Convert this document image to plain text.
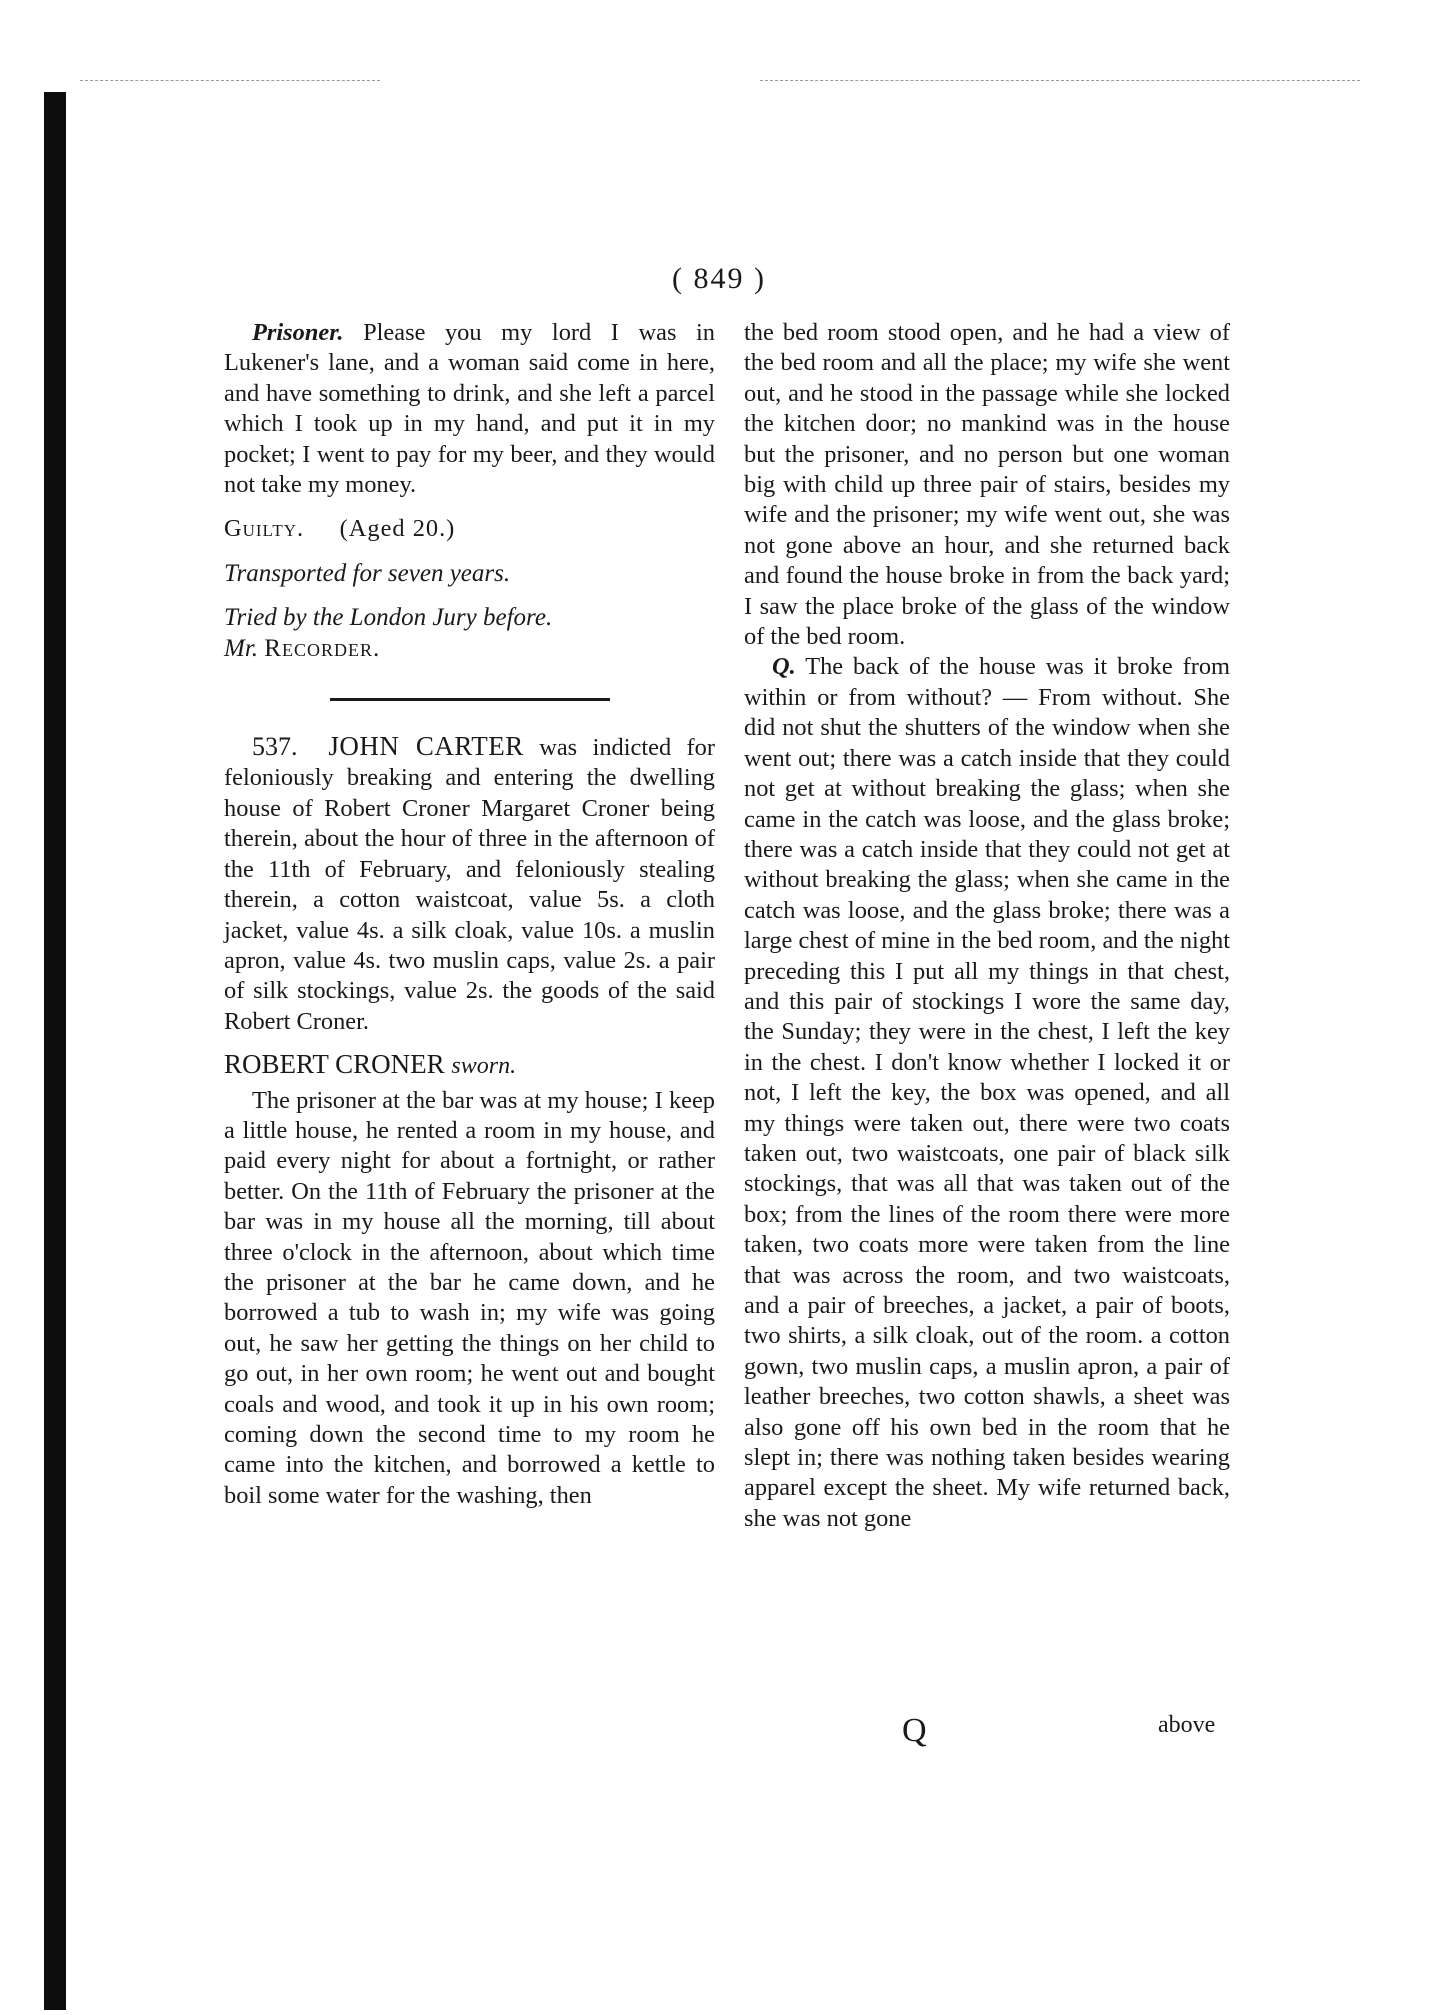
( 849 )

Prisoner. Please you my lord I was in Lukener's lane, and a woman said come in here, and have something to drink, and she left a parcel which I took up in my hand, and put it in my pocket; I went to pay for my beer, and they would not take my money.

Guilty. (Aged 20.)

Transported for seven years.

Tried by the London Jury before.

Mr. Recorder.

537. JOHN CARTER was indicted for feloniously breaking and entering the dwelling house of Robert Croner Margaret Croner being therein, about the hour of three in the afternoon of the 11th of February, and feloniously stealing therein, a cotton waistcoat, value 5s. a cloth jacket, value 4s. a silk cloak, value 10s. a muslin apron, value 4s. two muslin caps, value 2s. a pair of silk stockings, value 2s. the goods of the said Robert Croner.

ROBERT CRONER sworn.

The prisoner at the bar was at my house; I keep a little house, he rented a room in my house, and paid every night for about a fortnight, or rather better. On the 11th of February the prisoner at the bar was in my house all the morning, till about three o'clock in the afternoon, about which time the prisoner at the bar he came down, and he borrowed a tub to wash in; my wife was going out, he saw her getting the things on her child to go out, in her own room; he went out and bought coals and wood, and took it up in his own room; coming down the second time to my room he came into the kitchen, and borrowed a kettle to boil some water for the washing, then

the bed room stood open, and he had a view of the bed room and all the place; my wife she went out, and he stood in the passage while she locked the kitchen door; no mankind was in the house but the prisoner, and no person but one woman big with child up three pair of stairs, besides my wife and the prisoner; my wife went out, she was not gone above an hour, and she returned back and found the house broke in from the back yard; I saw the place broke of the glass of the window of the bed room.

Q. The back of the house was it broke from within or from without? — From without. She did not shut the shutters of the window when she went out; there was a catch inside that they could not get at without breaking the glass; when she came in the catch was loose, and the glass broke; there was a catch inside that they could not get at without breaking the glass; when she came in the catch was loose, and the glass broke; there was a large chest of mine in the bed room, and the night preceding this I put all my things in that chest, and this pair of stockings I wore the same day, the Sunday; they were in the chest, I left the key in the chest. I don't know whether I locked it or not, I left the key, the box was opened, and all my things were taken out, there were two coats taken out, two waistcoats, one pair of black silk stockings, that was all that was taken out of the box; from the lines of the room there were more taken, two coats more were taken from the line that was across the room, and two waistcoats, and a pair of breeches, a jacket, a pair of boots, two shirts, a silk cloak, out of the room. a cotton gown, two muslin caps, a muslin apron, a pair of leather breeches, two cotton shawls, a sheet was also gone off his own bed in the room that he slept in; there was nothing taken besides wearing apparel except the sheet. My wife returned back, she was not gone

Q	above
